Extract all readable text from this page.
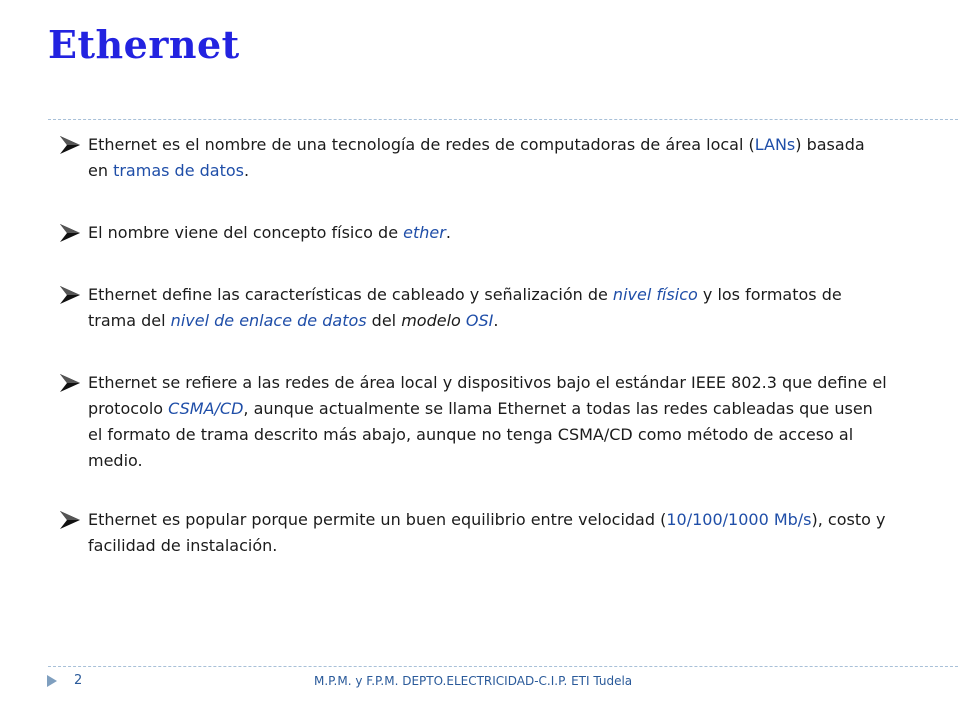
Ethernet

Ethernet es el nombre de una tecnología de redes de computadoras de área local (LANs) basada en tramas de datos.

El nombre viene del concepto físico de ether.

Ethernet define las características de cableado y señalización de nivel físico y los formatos de trama del nivel de enlace de datos del modelo OSI.

Ethernet se refiere a las redes de área local y dispositivos bajo el estándar IEEE 802.3 que define el protocolo CSMA/CD, aunque actualmente se llama Ethernet a todas las redes cableadas que usen el formato de trama descrito más abajo, aunque no tenga CSMA/CD como método de acceso al medio.

Ethernet es popular porque permite un buen equilibrio entre velocidad (10/100/1000 Mb/s), costo y facilidad de instalación.

2	M.P.M. y F.P.M. DEPTO.ELECTRICIDAD-C.I.P. ETI Tudela
